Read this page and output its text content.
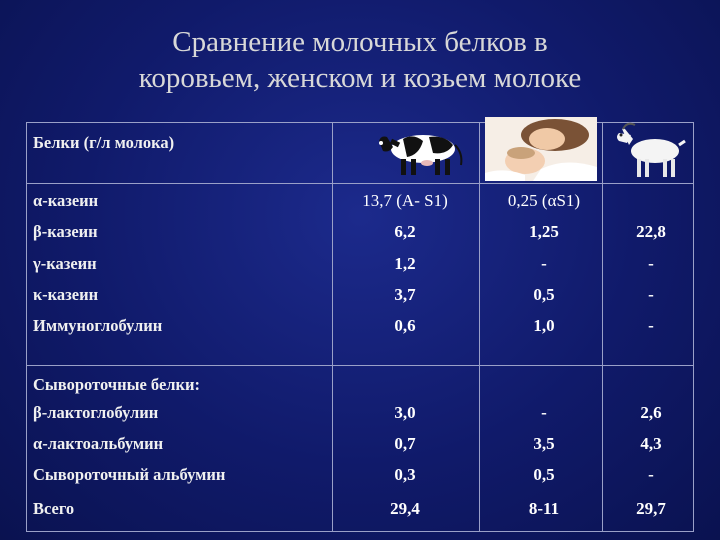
Сравнение молочных белков в
коровьем, женском и козьем молоке
Белки (г/л молока)
α-казеин	13,7 (A- S1)	0,25 (αS1)
β-казеин	6,2	1,25	22,8
γ-казеин	1,2	-	-
κ-казеин	3,7	0,5	-
Иммуноглобулин	0,6	1,0	-
Сывороточные белки:
β-лактоглобулин	3,0	-	2,6
α-лактоальбумин	0,7	3,5	4,3
Сывороточный альбумин	0,3	0,5	-
Всего	29,4	8-11	29,7
